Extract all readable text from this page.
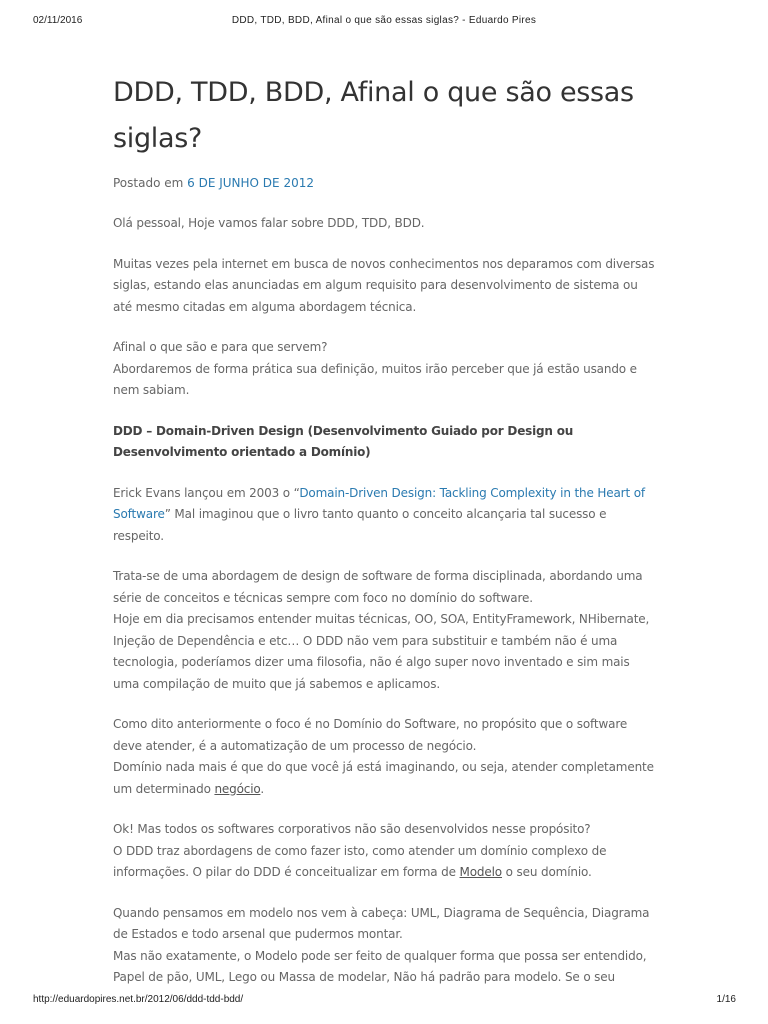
02/11/2016	DDD, TDD, BDD, Afinal o que são essas siglas? - Eduardo Pires
DDD, TDD, BDD, Afinal o que são essas siglas?
Postado em 6 DE JUNHO DE 2012

Olá pessoal, Hoje vamos falar sobre DDD, TDD, BDD.

Muitas vezes pela internet em busca de novos conhecimentos nos deparamos com diversas siglas, estando elas anunciadas em algum requisito para desenvolvimento de sistema ou até mesmo citadas em alguma abordagem técnica.

Afinal o que são e para que servem?
Abordaremos de forma prática sua definição, muitos irão perceber que já estão usando e nem sabiam.

DDD – Domain-Driven Design (Desenvolvimento Guiado por Design ou Desenvolvimento orientado a Domínio)

Erick Evans lançou em 2003 o “Domain-Driven Design: Tackling Complexity in the Heart of Software” Mal imaginou que o livro tanto quanto o conceito alcançaria tal sucesso e respeito.

Trata-se de uma abordagem de design de software de forma disciplinada, abordando uma série de conceitos e técnicas sempre com foco no domínio do software.
Hoje em dia precisamos entender muitas técnicas, OO, SOA, EntityFramework, NHibernate, Injeção de Dependência e etc… O DDD não vem para substituir e também não é uma tecnologia, poderíamos dizer uma filosofia, não é algo super novo inventado e sim mais uma compilação de muito que já sabemos e aplicamos.

Como dito anteriormente o foco é no Domínio do Software, no propósito que o software deve atender, é a automatização de um processo de negócio.
Domínio nada mais é que do que você já está imaginando, ou seja, atender completamente um determinado negócio.

Ok! Mas todos os softwares corporativos não são desenvolvidos nesse propósito?
O DDD traz abordagens de como fazer isto, como atender um domínio complexo de informações. O pilar do DDD é conceitualizar em forma de Modelo o seu domínio.

Quando pensamos em modelo nos vem à cabeça: UML, Diagrama de Sequência, Diagrama de Estados e todo arsenal que pudermos montar.
Mas não exatamente, o Modelo pode ser feito de qualquer forma que possa ser entendido, Papel de pão, UML, Lego ou Massa de modelar, Não há padrão para modelo. Se o seu

http://eduardopires.net.br/2012/06/ddd-tdd-bdd/	1/16
